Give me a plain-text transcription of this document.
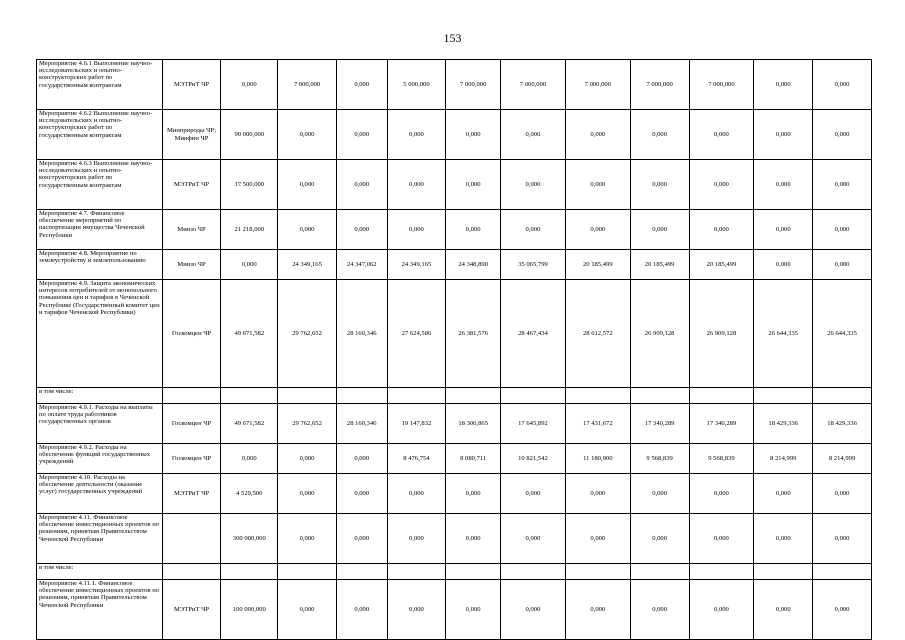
153
Мероприятие 4.6.1 Выполнение научно-исследовательских и опытно-конструкторских работ по государственным контрактам	МЭТРиТ ЧР	0,000	7 000,000	0,000	5 000,000	7 000,000	7 000,000	7 000,000	7 000,000	7 000,000	0,000	0,000
Мероприятие 4.6.2 Выполнение научно-исследовательских и опытно-конструкторских работ по государственным контрактам	Минприроды ЧР; Минфин ЧР	90 000,000	0,000	0,000	0,000	0,000	0,000	0,000	0,000	0,000	0,000	0,000
Мероприятие 4.6.3 Выполнение научно-исследовательских и опытно-конструкторских работ по государственным контрактам	МЭТРиТ ЧР	17 500,000	0,000	0,000	0,000	0,000	0,000	0,000	0,000	0,000	0,000	0,000
Мероприятие 4.7. Финансовое обеспечение мероприятий по паспортизации имущества Чеченской Республики	Минзо ЧР	21 218,000	0,000	0,000	0,000	0,000	0,000	0,000	0,000	0,000	0,000	0,000
Мероприятие 4.8. Мероприятие по землеустройству и землепользованию	Минзо ЧР	0,000	24 349,165	24 347,062	24 349,165	24 348,890	35 065,799	20 185,499	20 185,499	20 185,499	0,000	0,000
Мероприятие 4.9. Защита экономических интересов потребителей от монопольного повышения цен и тарифов в Чеченской Республике (Государственный комитет цен и тарифов Чеченской Республики)	Госкомцен ЧР	49 671,582	29 762,652	28 160,346	27 624,586	26 381,576	28 467,434	28 612,572	26 909,128	26 909,128	26 644,335	26 644,335
в том числе:												
Мероприятие 4.9.1. Расходы на выплаты по оплате труда работников государственных органов	Госкомцен ЧР	49 671,582	29 762,652	28 160,346	19 147,832	18 300,865	17 645,892	17 431,672	17 340,289	17 340,289	18 429,336	18 429,336
Мероприятие 4.9.2. Расходы на обеспечение функций государственных учреждений	Госкомцен ЧР	0,000	0,000	0,000	8 476,754	8 080,711	10 821,542	11 180,900	9 568,839	9 568,839	8 214,999	8 214,999
Мероприятие 4.10. Расходы на обеспечение деятельности (оказание услуг) государственных учреждений	МЭТРиТ ЧР	4 529,500	0,000	0,000	0,000	0,000	0,000	0,000	0,000	0,000	0,000	0,000
Мероприятие 4.11. Финансовое обеспечение инвестиционных проектов по решениям, принятым Правительством Чеченской Республики		300 000,000	0,000	0,000	0,000	0,000	0,000	0,000	0,000	0,000	0,000	0,000
в том числе:												
Мероприятие 4.11.1. Финансовое обеспечение инвестиционных проектов по решениям, принятым Правительством Чеченской Республики	МЭТРиТ ЧР	100 000,000	0,000	0,000	0,000	0,000	0,000	0,000	0,000	0,000	0,000	0,000
